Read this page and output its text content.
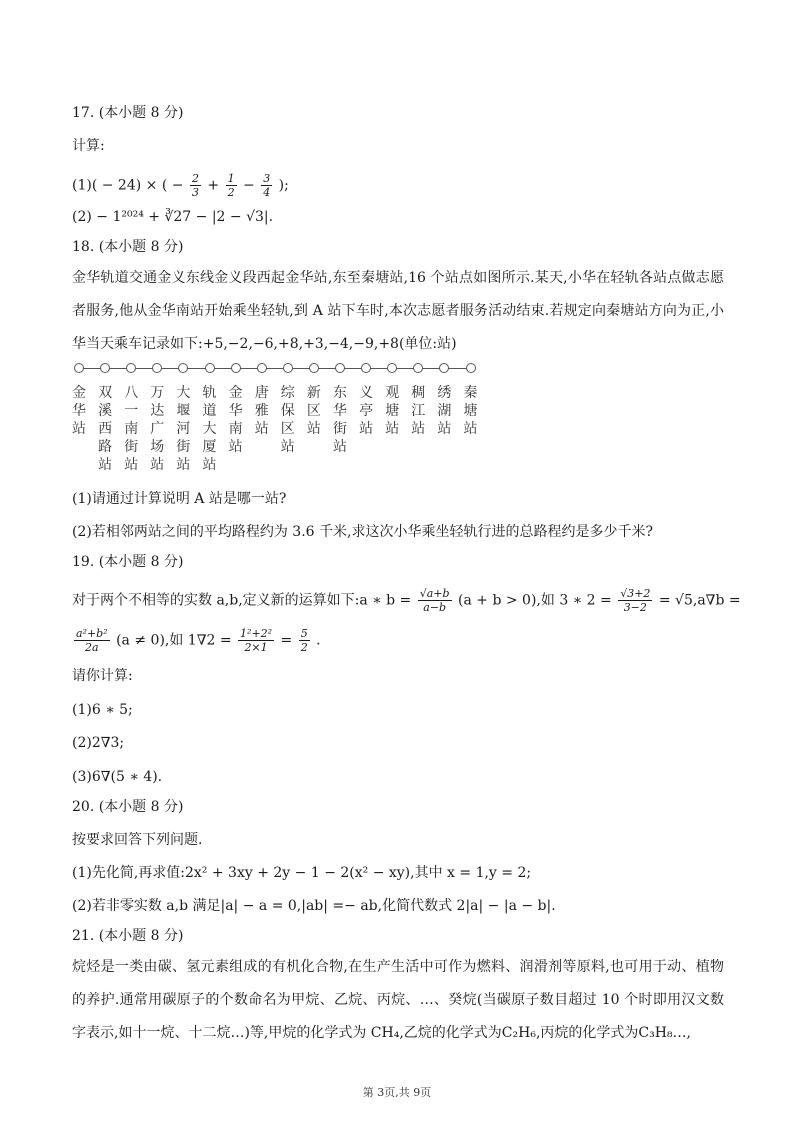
17. (本小题 8 分)
计算:
(1)( − 24) × ( − $\frac{2}{3} + \frac{1}{2} - \frac{3}{4}$ );
(2) − 1²⁰²⁴ + ∛27 − |2 − √3|.
18. (本小题 8 分)
金华轨道交通金义东线金义段西起金华站,东至秦塘站,16 个站点如图所示.某天,小华在轻轨各站点做志愿者服务,他从金华南站开始乘坐轻轨,到 A 站下车时,本次志愿者服务活动结束.若规定向秦塘站方向为正,小华当天乘车记录如下:+5,−2,−6,+8,+3,−4,−9,+8(单位:站)
金华站
双溪西路站
八一南街站
万达广场站
大堰河街站
轨道大厦站
金华南站
唐雅站
综保区站
新区站
东华街站
义亭站
观塘站
稠江站
绣湖站
秦塘站
(1)请通过计算说明 A 站是哪一站?
(2)若相邻两站之间的平均路程约为 3.6 千米,求这次小华乘坐轻轨行进的总路程约是多少千米?
19. (本小题 8 分)
对于两个不相等的实数 a,b,定义新的运算如下:a ∗ $b = \frac{√a+b}{a-b} (a + b > 0)$,如 3 ∗ $2 = \frac{√3+2}{3-2} = √5,a\nabla b$ =
$\frac{\text{a²+b²}}{2a} (a \ne 0)$,如 $1\nabla 2 = \frac{\text{1²+2²}}{2\times 1} = \frac{5}{2}$ .
请你计算:
(1)6 ∗ 5;
(2)2∇3;
(3)6∇(5 ∗ 4).
20. (本小题 8 分)
按要求回答下列问题.
(1)先化简,再求值:2x² + 3xy + 2y − 1 − 2(x² − xy),其中 x = 1,y = 2;
(2)若非零实数 a,b 满足|a| − a = 0,|ab| =− ab,化简代数式 2|a| − |a − b|.
21. (本小题 8 分)
烷烃是一类由碳、氢元素组成的有机化合物,在生产生活中可作为燃料、润滑剂等原料,也可用于动、植物的养护.通常用碳原子的个数命名为甲烷、乙烷、丙烷、…、癸烷(当碳原子数目超过 10 个时即用汉文数字表示,如十一烷、十二烷…)等,甲烷的化学式为 CH₄,乙烷的化学式为C₂H₆,丙烷的化学式为C₃H₈…,
第 3页,共 9页
